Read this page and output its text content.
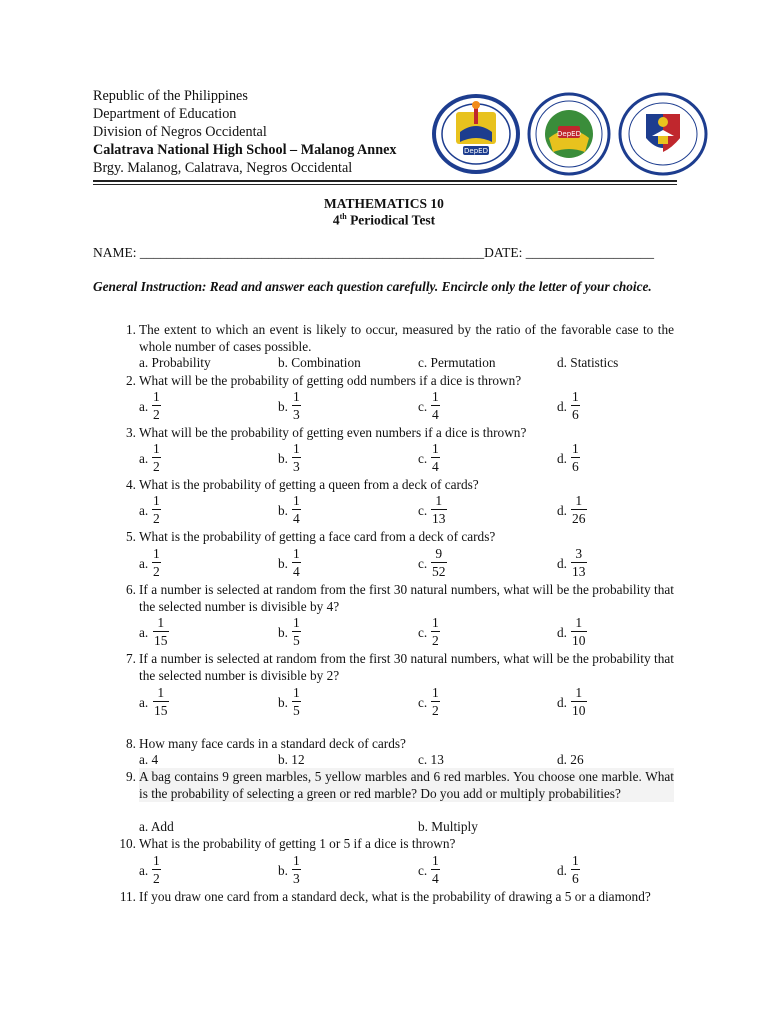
Republic of the Philippines
Department of Education
Division of Negros Occidental
Calatrava National High School – Malanog Annex
Brgy. Malanog, Calatrava, Negros Occidental
DepED
DepED
MATHEMATICS 10
4th Periodical Test
NAME: ___________________________________________________DATE: ___________________
General Instruction: Read and answer each question carefully. Encircle only the letter of your choice.
1. The extent to which an event is likely to occur, measured by the ratio of the favorable case to the whole number of cases possible.
a. Probability	b. Combination	c. Permutation	d. Statistics
2. What will be the probability of getting odd numbers if a dice is thrown?
a. $\frac{1}{2}$	b. $\frac{1}{3}$	c. $\frac{1}{4}$	d. $\frac{1}{6}$
3. What will be the probability of getting even numbers if a dice is thrown?
a. $\frac{1}{2}$	b. $\frac{1}{3}$	c. $\frac{1}{4}$	d. $\frac{1}{6}$
4. What is the probability of getting a queen from a deck of cards?
a. $\frac{1}{2}$	b. $\frac{1}{4}$	c. $\frac{1}{13}$	d. $\frac{1}{26}$
5. What is the probability of getting a face card from a deck of cards?
a. $\frac{1}{2}$	b. $\frac{1}{4}$	c. $\frac{9}{52}$	d. $\frac{3}{13}$
6. If a number is selected at random from the first 30 natural numbers, what will be the probability that the selected number is divisible by 4?
a. $\frac{1}{15}$	b. $\frac{1}{5}$	c. $\frac{1}{2}$	d. $\frac{1}{10}$
7. If a number is selected at random from the first 30 natural numbers, what will be the probability that the selected number is divisible by 2?
a. $\frac{1}{15}$	b. $\frac{1}{5}$	c. $\frac{1}{2}$	d. $\frac{1}{10}$
8. How many face cards in a standard deck of cards?
a. 4	b. 12	c. 13	d. 26
9. A bag contains 9 green marbles, 5 yellow marbles and 6 red marbles. You choose one marble. What is the probability of selecting a green or red marble? Do you add or multiply probabilities?
a. Add	b. Multiply
10. What is the probability of getting 1 or 5 if a dice is thrown?
a. $\frac{1}{2}$	b. $\frac{1}{3}$	c. $\frac{1}{4}$	d. $\frac{1}{6}$
11. If you draw one card from a standard deck, what is the probability of drawing a 5 or a diamond?
